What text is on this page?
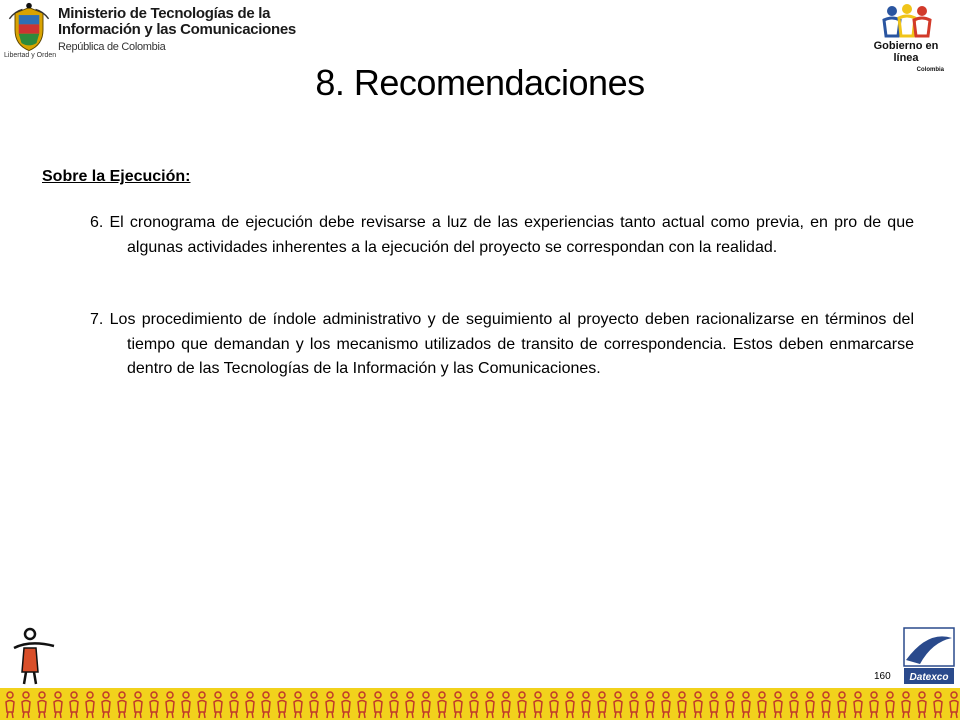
Ministerio de Tecnologías de la
Información y las Comunicaciones
República de Colombia
Libertad y Orden
Gobierno en línea
Colombia
8. Recomendaciones

Sobre la Ejecución:

6. El cronograma de ejecución debe revisarse a luz de las experiencias tanto actual como previa, en pro de que algunas actividades inherentes a la ejecución del proyecto se correspondan con la realidad.

7. Los procedimiento de índole administrativo y de seguimiento al proyecto deben racionalizarse en términos del tiempo que demandan y los mecanismo utilizados de transito de correspondencia. Estos deben enmarcarse dentro de las Tecnologías de la Información y las Comunicaciones.

160 Datexco
